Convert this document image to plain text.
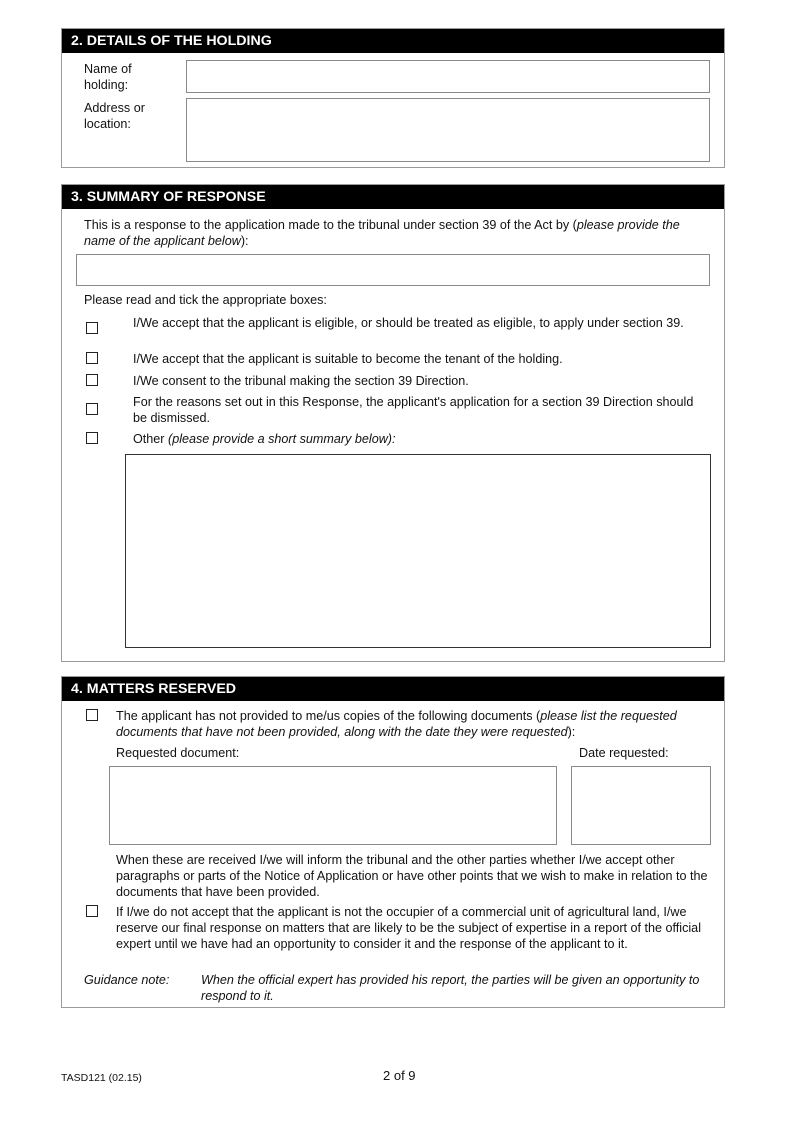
2. DETAILS OF THE HOLDING
Name of holding:
Address or location:
3. SUMMARY OF RESPONSE
This is a response to the application made to the tribunal under section 39 of the Act by (please provide the name of the applicant below):
Please read and tick the appropriate boxes:
I/We accept that the applicant is eligible, or should be treated as eligible, to apply under section 39.
I/We accept that the applicant is suitable to become the tenant of the holding.
I/We consent to the tribunal making the section 39 Direction.
For the reasons set out in this Response, the applicant's application for a section 39 Direction should be dismissed.
Other (please provide a short summary below):
4. MATTERS RESERVED
The applicant has not provided to me/us copies of the following documents (please list the requested documents that have not been provided, along with the date they were requested):
Requested document:	Date requested:
When these are received I/we will inform the tribunal and the other parties whether I/we accept other paragraphs or parts of the Notice of Application or have other points that we wish to make in relation to the documents that have been provided.
If I/we do not accept that the applicant is not the occupier of a commercial unit of agricultural land, I/we reserve our final response on matters that are likely to be the subject of expertise in a report of the official expert until we have had an opportunity to consider it and the response of the applicant to it.
Guidance note:	When the official expert has provided his report, the parties will be given an opportunity to respond to it.
TASD121 (02.15)	2 of 9
